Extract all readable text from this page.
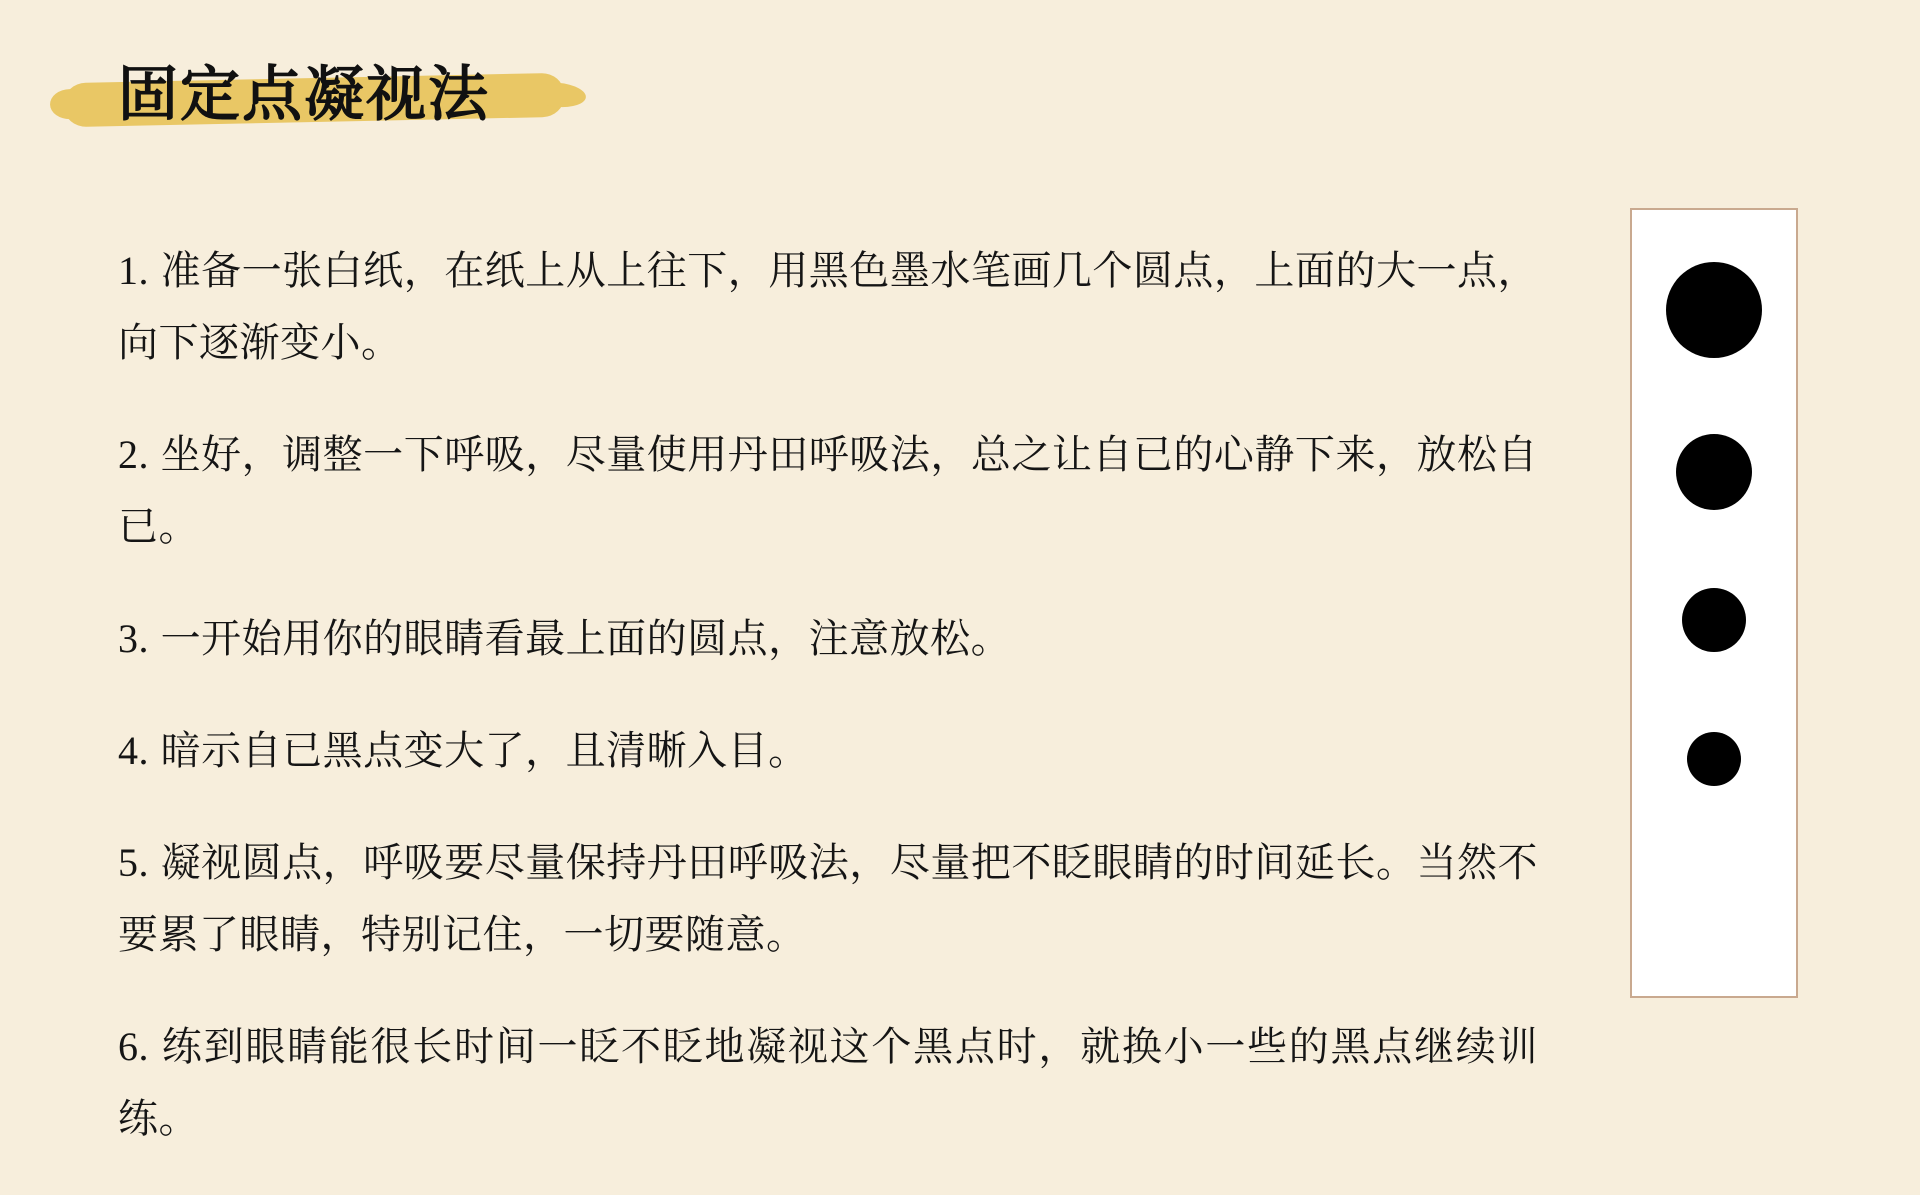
固定点凝视法

1. 准备一张白纸，在纸上从上往下，用黑色墨水笔画几个圆点，上面的大一点，向下逐渐变小。

2. 坐好，调整一下呼吸，尽量使用丹田呼吸法，总之让自已的心静下来，放松自已。

3. 一开始用你的眼睛看最上面的圆点，注意放松。

4. 暗示自已黑点变大了，且清晰入目。

5. 凝视圆点，呼吸要尽量保持丹田呼吸法，尽量把不眨眼睛的时间延长。当然不要累了眼睛，特别记住，一切要随意。

6. 练到眼睛能很长时间一眨不眨地凝视这个黑点时，就换小一些的黑点继续训练。
